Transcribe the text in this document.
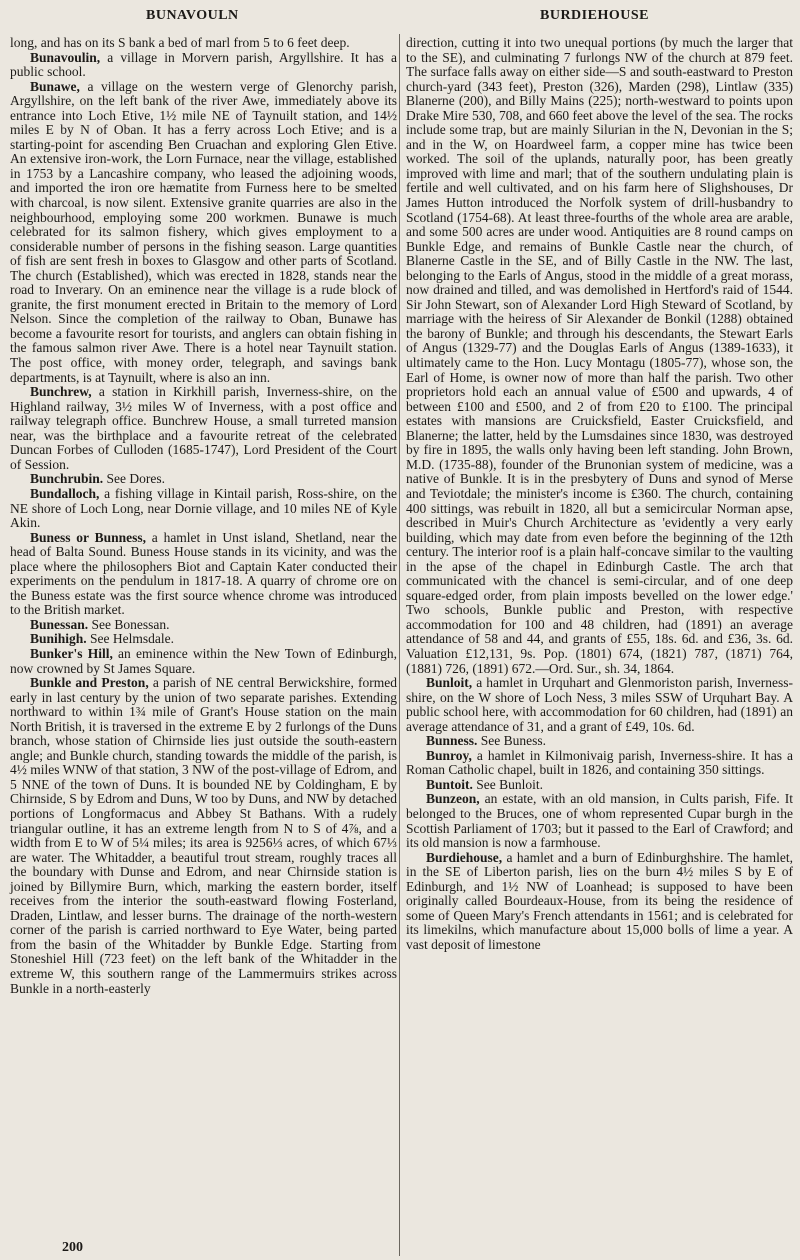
BUNAVOULN	BURDIEHOUSE

long, and has on its S bank a bed of marl from 5 to 6 feet deep.

Bunavoulin, a village in Morvern parish, Argyllshire. It has a public school.

Bunawe, a village on the western verge of Glenorchy parish, Argyllshire, on the left bank of the river Awe, immediately above its entrance into Loch Etive, 1½ mile NE of Taynuilt station, and 14½ miles E by N of Oban. It has a ferry across Loch Etive; and is a starting-point for ascending Ben Cruachan and exploring Glen Etive. An extensive iron-work, the Lorn Furnace, near the village, established in 1753 by a Lancashire company, who leased the adjoining woods, and imported the iron ore hæmatite from Furness here to be smelted with charcoal, is now silent. Extensive granite quarries are also in the neighbourhood, employing some 200 workmen. Bunawe is much celebrated for its salmon fishery, which gives employment to a considerable number of persons in the fishing season. Large quantities of fish are sent fresh in boxes to Glasgow and other parts of Scotland. The church (Established), which was erected in 1828, stands near the road to Inverary. On an eminence near the village is a rude block of granite, the first monument erected in Britain to the memory of Lord Nelson. Since the completion of the railway to Oban, Bunawe has become a favourite resort for tourists, and anglers can obtain fishing in the famous salmon river Awe. There is a hotel near Taynuilt station. The post office, with money order, telegraph, and savings bank departments, is at Taynuilt, where is also an inn.

Bunchrew, a station in Kirkhill parish, Inverness-shire, on the Highland railway, 3½ miles W of Inverness, with a post office and railway telegraph office. Bunchrew House, a small turreted mansion near, was the birthplace and a favourite retreat of the celebrated Duncan Forbes of Culloden (1685-1747), Lord President of the Court of Session.

Bunchrubin. See Dores.

Bundalloch, a fishing village in Kintail parish, Ross-shire, on the NE shore of Loch Long, near Dornie village, and 10 miles NE of Kyle Akin.

Buness or Bunness, a hamlet in Unst island, Shetland, near the head of Balta Sound. Buness House stands in its vicinity, and was the place where the philosophers Biot and Captain Kater conducted their experiments on the pendulum in 1817-18. A quarry of chrome ore on the Buness estate was the first source whence chrome was introduced to the British market.

Bunessan. See Bonessan.

Bunihigh. See Helmsdale.

Bunker's Hill, an eminence within the New Town of Edinburgh, now crowned by St James Square.

Bunkle and Preston, a parish of NE central Berwickshire, formed early in last century by the union of two separate parishes. Extending northward to within 1¾ mile of Grant's House station on the main North British, it is traversed in the extreme E by 2 furlongs of the Duns branch, whose station of Chirnside lies just outside the south-eastern angle; and Bunkle church, standing towards the middle of the parish, is 4½ miles WNW of that station, 3 NW of the post-village of Edrom, and 5 NNE of the town of Duns. It is bounded NE by Coldingham, E by Chirnside, S by Edrom and Duns, W too by Duns, and NW by detached portions of Longformacus and Abbey St Bathans. With a rudely triangular outline, it has an extreme length from N to S of 4⅞, and a width from E to W of 5¼ miles; its area is 9256⅓ acres, of which 67⅓ are water. The Whitadder, a beautiful trout stream, roughly traces all the boundary with Dunse and Edrom, and near Chirnside station is joined by Billymire Burn, which, marking the eastern border, itself receives from the interior the south-eastward flowing Fosterland, Draden, Lintlaw, and lesser burns. The drainage of the north-western corner of the parish is carried northward to Eye Water, being parted from the basin of the Whitadder by Bunkle Edge. Starting from Stoneshiel Hill (723 feet) on the left bank of the Whitadder in the extreme W, this southern range of the Lammermuirs strikes across Bunkle in a north-easterly

direction, cutting it into two unequal portions (by much the larger that to the SE), and culminating 7 furlongs NW of the church at 879 feet. The surface falls away on either side—S and south-eastward to Preston church-yard (343 feet), Preston (326), Marden (298), Lintlaw (335) Blanerne (200), and Billy Mains (225); north-westward to points upon Drake Mire 530, 708, and 660 feet above the level of the sea. The rocks include some trap, but are mainly Silurian in the N, Devonian in the S; and in the W, on Hoardweel farm, a copper mine has twice been worked. The soil of the uplands, naturally poor, has been greatly improved with lime and marl; that of the southern undulating plain is fertile and well cultivated, and on his farm here of Slighshouses, Dr James Hutton introduced the Norfolk system of drill-husbandry to Scotland (1754-68). At least three-fourths of the whole area are arable, and some 500 acres are under wood. Antiquities are 8 round camps on Bunkle Edge, and remains of Bunkle Castle near the church, of Blanerne Castle in the SE, and of Billy Castle in the NW. The last, belonging to the Earls of Angus, stood in the middle of a great morass, now drained and tilled, and was demolished in Hertford's raid of 1544. Sir John Stewart, son of Alexander Lord High Steward of Scotland, by marriage with the heiress of Sir Alexander de Bonkil (1288) obtained the barony of Bunkle; and through his descendants, the Stewart Earls of Angus (1329-77) and the Douglas Earls of Angus (1389-1633), it ultimately came to the Hon. Lucy Montagu (1805-77), whose son, the Earl of Home, is owner now of more than half the parish. Two other proprietors hold each an annual value of £500 and upwards, 4 of between £100 and £500, and 2 of from £20 to £100. The principal estates with mansions are Cruicksfield, Easter Cruicksfield, and Blanerne; the latter, held by the Lumsdaines since 1830, was destroyed by fire in 1895, the walls only having been left standing. John Brown, M.D. (1735-88), founder of the Brunonian system of medicine, was a native of Bunkle. It is in the presbytery of Duns and synod of Merse and Teviotdale; the minister's income is £360. The church, containing 400 sittings, was rebuilt in 1820, all but a semicircular Norman apse, described in Muir's Church Architecture as 'evidently a very early building, which may date from even before the beginning of the 12th century. The interior roof is a plain half-concave similar to the vaulting in the apse of the chapel in Edinburgh Castle. The arch that communicated with the chancel is semi-circular, and of one deep square-edged order, from plain imposts bevelled on the lower edge.' Two schools, Bunkle public and Preston, with respective accommodation for 100 and 48 children, had (1891) an average attendance of 58 and 44, and grants of £55, 18s. 6d. and £36, 3s. 6d. Valuation £12,131, 9s. Pop. (1801) 674, (1821) 787, (1871) 764, (1881) 726, (1891) 672.—Ord. Sur., sh. 34, 1864.

Bunloit, a hamlet in Urquhart and Glenmoriston parish, Inverness-shire, on the W shore of Loch Ness, 3 miles SSW of Urquhart Bay. A public school here, with accommodation for 60 children, had (1891) an average attendance of 31, and a grant of £49, 10s. 6d.

Bunness. See Buness.

Bunroy, a hamlet in Kilmonivaig parish, Inverness-shire. It has a Roman Catholic chapel, built in 1826, and containing 350 sittings.

Buntoit. See Bunloit.

Bunzeon, an estate, with an old mansion, in Cults parish, Fife. It belonged to the Bruces, one of whom represented Cupar burgh in the Scottish Parliament of 1703; but it passed to the Earl of Crawford; and its old mansion is now a farmhouse.

Burdiehouse, a hamlet and a burn of Edinburghshire. The hamlet, in the SE of Liberton parish, lies on the burn 4½ miles S by E of Edinburgh, and 1½ NW of Loanhead; is supposed to have been originally called Bourdeaux-House, from its being the residence of some of Queen Mary's French attendants in 1561; and is celebrated for its limekilns, which manufacture about 15,000 bolls of lime a year. A vast deposit of limestone

200
